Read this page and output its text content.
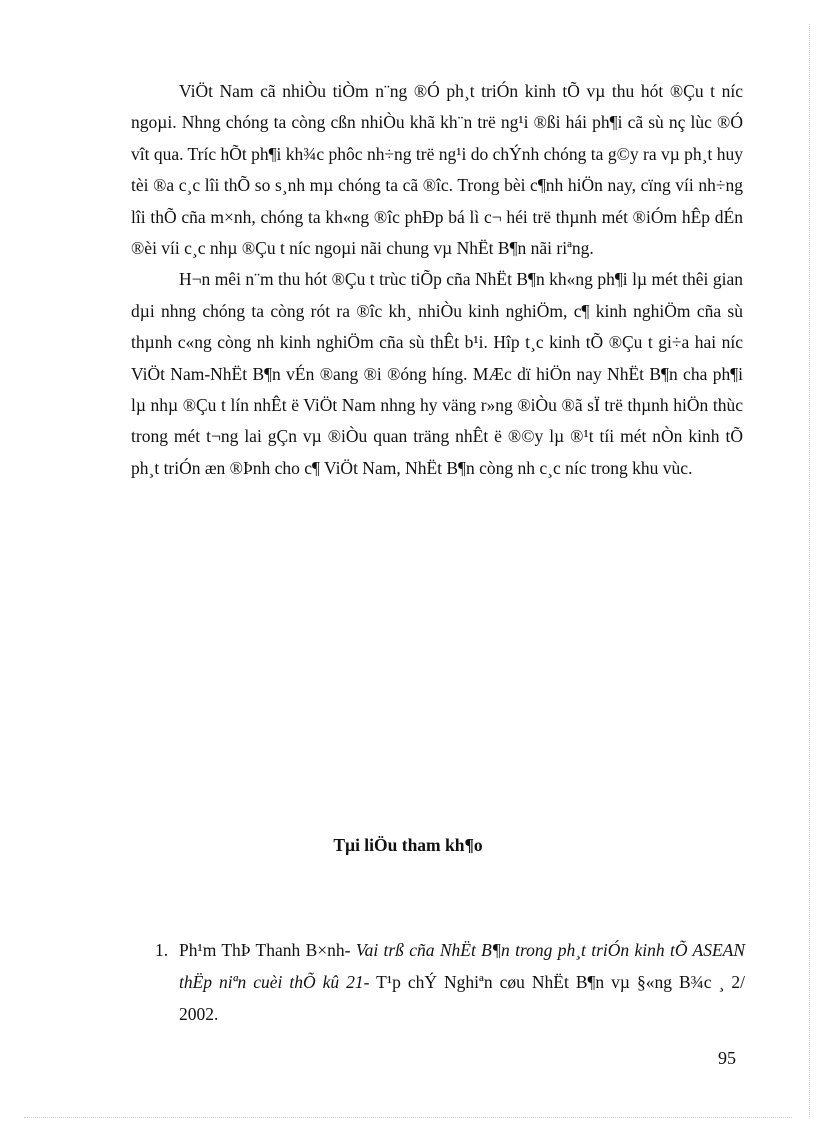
ViÖt Nam cã nhiÒu tiÒm n¨ng ®Ó ph¸t triÓn kinh tÕ vµ thu hót ®Çu t níc ngoµi. Nhng chóng ta còng cßn nhiÒu khã kh¨n trë ng¹i ®ßi hái ph¶i cã sù nç lùc ®Ó vît qua. Tríc hÕt ph¶i kh¾c phôc nh÷ng trë ng¹i do chÝnh chóng ta g©y ra vµ ph¸t huy tèi ®a c¸c lîi thÕ so s¸nh mµ chóng ta cã ®îc. Trong bèi c¶nh hiÖn nay, cïng víi nh÷ng lîi thÕ cña m×nh, chóng ta kh«ng ®îc phÐp bá lì c¬ héi trë thµnh mét ®iÓm hÊp dÉn ®èi víi c¸c nhµ ®Çu t níc ngoµi nãi chung vµ NhËt B¶n nãi riªng.

H¬n mêi n¨m thu hót ®Çu t trùc tiÕp cña NhËt B¶n kh«ng ph¶i lµ mét thêi gian dµi nhng chóng ta còng rót ra ®îc kh¸ nhiÒu kinh nghiÖm, c¶ kinh nghiÖm cña sù thµnh c«ng còng nh kinh nghiÖm cña sù thÊt b¹i. Hîp t¸c kinh tÕ ®Çu t gi÷a hai níc ViÖt Nam-NhËt B¶n vÉn ®ang ®i ®óng híng. MÆc dï hiÖn nay NhËt B¶n cha ph¶i lµ nhµ ®Çu t lín nhÊt ë ViÖt Nam nhng hy väng r»ng ®iÒu ®ã sÏ trë thµnh hiÖn thùc trong mét t¬ng lai gÇn vµ ®iÒu quan träng nhÊt ë ®©y lµ ®¹t tíi mét nÒn kinh tÕ ph¸t triÓn æn ®Þnh cho c¶ ViÖt Nam, NhËt B¶n còng nh c¸c níc trong khu vùc.

Tµi liÖu tham kh¶o
1. Ph¹m ThÞ Thanh B×nh- Vai trß cña NhËt B¶n trong ph¸t triÓn kinh tÕ ASEAN thËp niªn cuèi thÕ kû 21- T¹p chÝ Nghiªn cøu NhËt B¶n vµ §«ng B¾c ¸ 2/ 2002.
95
